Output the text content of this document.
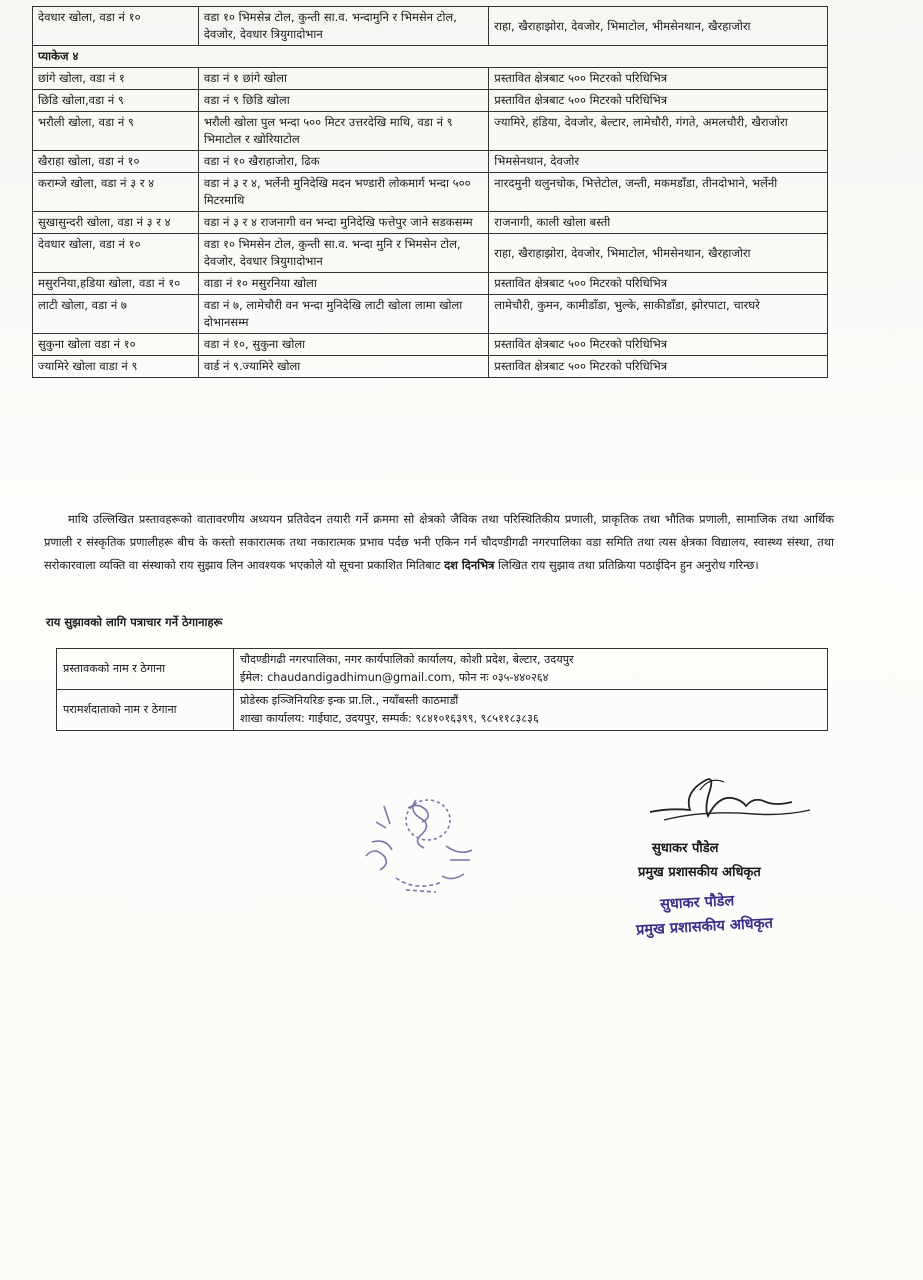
देवधार खोला, वडा नं १०	वडा १० भिमसेन्र टोल, कुन्ती सा.व. भन्दामुनि र भिमसेन टोल, देवजोर, देवधार त्रियुगादोभान	राहा, खैराहाझोरा, देवजोर, भिमाटोल, भीमसेनथान, खैरहाजोरा
प्याकेज ४		
छांगे खोला, वडा नं १	वडा नं १ छांगे खोला	प्रस्तावित क्षेत्रबाट ५०० मिटरको परिधिभित्र
छिडि खोला,वडा नं ९	वडा नं ९ छिडि खोला	प्रस्तावित क्षेत्रबाट ५०० मिटरको परिधिभित्र
भरौली खोला, वडा नं ९	भरौली खोला पुल भन्दा ५०० मिटर उत्तरदेखि माथि, वडा नं ९ भिमाटोल र खोरियाटोल	ज्यामिरे, हंडिया, देवजोर, बेल्टार, लामेचौरी, गंगते, अमलचौरी, खैराजोरा
खैराहा खोला, वडा नं १०	वडा नं १० खैराहाजोरा, ढिक	भिमसेनथान, देवजोर
कराम्जे खोला, वडा नं ३ र ४	वडा नं ३ र ४, भर्लेनी मुनिदेखि मदन भण्डारी लोकमार्ग भन्दा ५०० मिटरमाथि	नारदमुनी थलुनचोक, भित्तेटोल, जन्ती, मकमडाँडा, तीनदोभाने, भर्लेनी
सुखासुन्दरी खोला, वडा नं ३ र ४	वडा नं ३ र ४ राजनागी वन भन्दा मुनिदेखि फत्तेपुर जाने सडकसम्म	राजनागी, काली खोला बस्ती
देवधार खोला, वडा नं १०	वडा १० भिमसेन टोल, कुन्ती सा.व. भन्दा मुनि र भिमसेन टोल, देवजोर, देवधार त्रियुगादोभान	राहा, खैराहाझोरा, देवजोर, भिमाटोल, भीमसेनथान, खैरहाजोरा
मसुरनिया,हडिया खोला, वडा नं १०	वाडा नं १० मसुरनिया खोला	प्रस्तावित क्षेत्रबाट ५०० मिटरको परिधिभित्र
लाटी खोला, वडा नं ७	वडा नं ७, लामेचौरी वन भन्दा मुनिदेखि लाटी खोला लामा खोला दोभानसम्म	लामेचौरी, कुमन, कामीडाँडा, भुल्के, साकीडाँडा, झोरपाटा, चारघरे
सुकुना खोला वडा नं १०	वडा नं १०, सुकुना खोला	प्रस्तावित क्षेत्रबाट ५०० मिटरको परिधिभित्र
ज्यामिरे खोला वाडा नं ९	वार्ड नं ९.ज्यामिरे खोला	प्रस्तावित क्षेत्रबाट ५०० मिटरको परिधिभित्र
माथि उल्लिखित प्रस्तावहरूको वातावरणीय अध्ययन प्रतिवेदन तयारी गर्ने क्रममा सो क्षेत्रको जैविक तथा परिस्थितिकीय प्रणाली, प्राकृतिक तथा भौतिक प्रणाली, सामाजिक तथा आर्थिक प्रणाली र संस्कृतिक प्रणालीहरू बीच के कस्तो सकारात्मक तथा नकारात्मक प्रभाव पर्दछ भनी एकिन गर्न चौदण्डीगढी नगरपालिका वडा समिति तथा त्यस क्षेत्रका विद्यालय, स्वास्थ्य संस्था, तथा सरोकारवाला व्यक्ति वा संस्थाको राय सुझाव लिन आवश्यक भएकोले यो सूचना प्रकाशित मितिबाट दश दिनभित्र लिखित राय सुझाव तथा प्रतिक्रिया पठाईदिन हुन अनुरोध गरिन्छ।
राय सुझावको लागि पत्राचार गर्ने ठेगानाहरू
प्रस्तावकको नाम र ठेगाना	चौदण्डीगढी नगरपालिका, नगर कार्यपालिको कार्यालय, कोशी प्रदेश, बेल्टार, उदयपुर
ईमेल: chaudandigadhimun@gmail.com, फोन नः ०३५-४४०२६४

परामर्शदाताको नाम र ठेगाना	प्रोडेस्क इञ्जिनियरिङ इन्क प्रा.लि., नयाँबस्ती काठमाडौं
शाखा कार्यालय: गाईघाट, उदयपुर, सम्पर्क: ९८४१०१६३९९, ९८५११८३८३६
सुधाकर पौडेल
प्रमुख प्रशासकीय अधिकृत
सुधाकर पौडेल
प्रमुख प्रशासकीय अधिकृत
